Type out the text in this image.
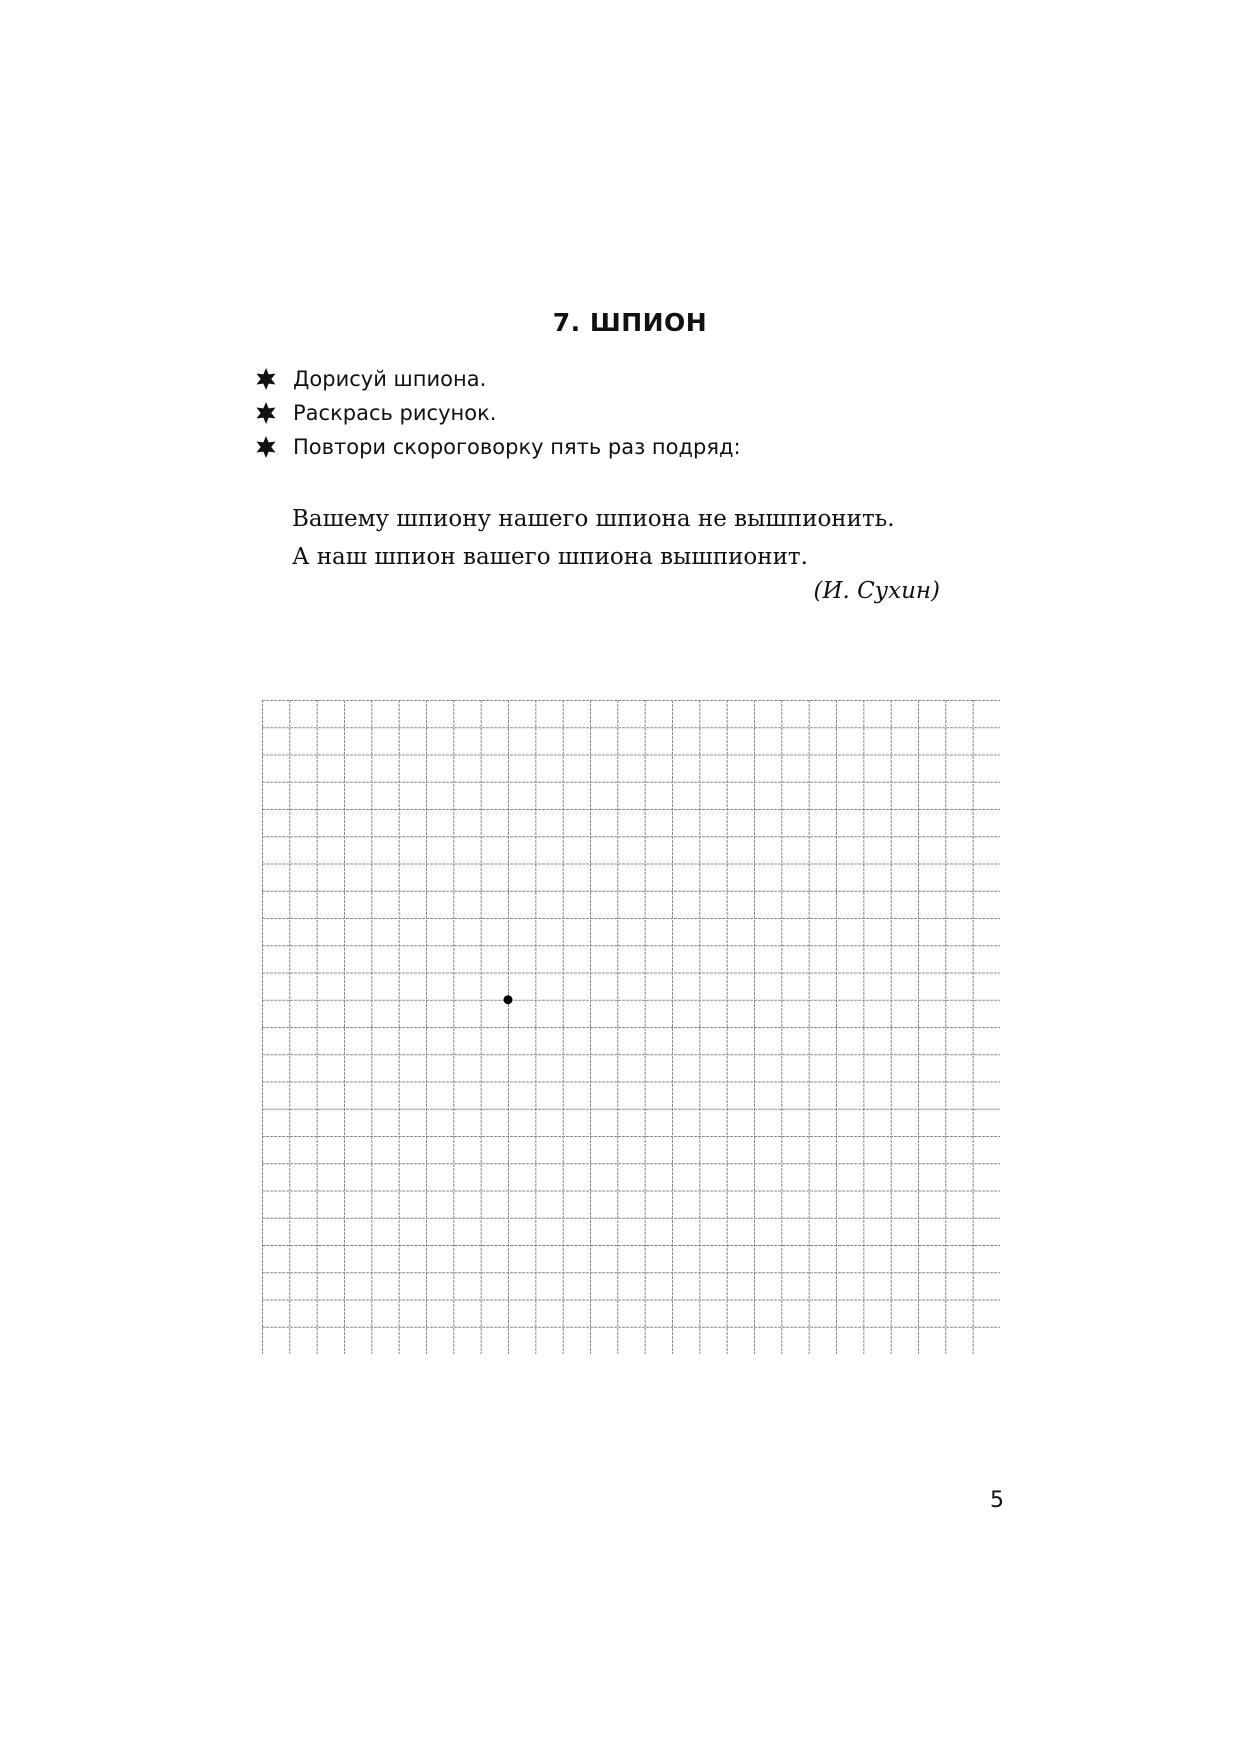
7. ШПИОН
Дорисуй шпиона.
Раскрась рисунок.
Повтори скороговорку пять раз подряд:
Вашему шпиону нашего шпиона не вышпионить.
А наш шпион вашего шпиона вышпионит.
(И. Сухин)
5
